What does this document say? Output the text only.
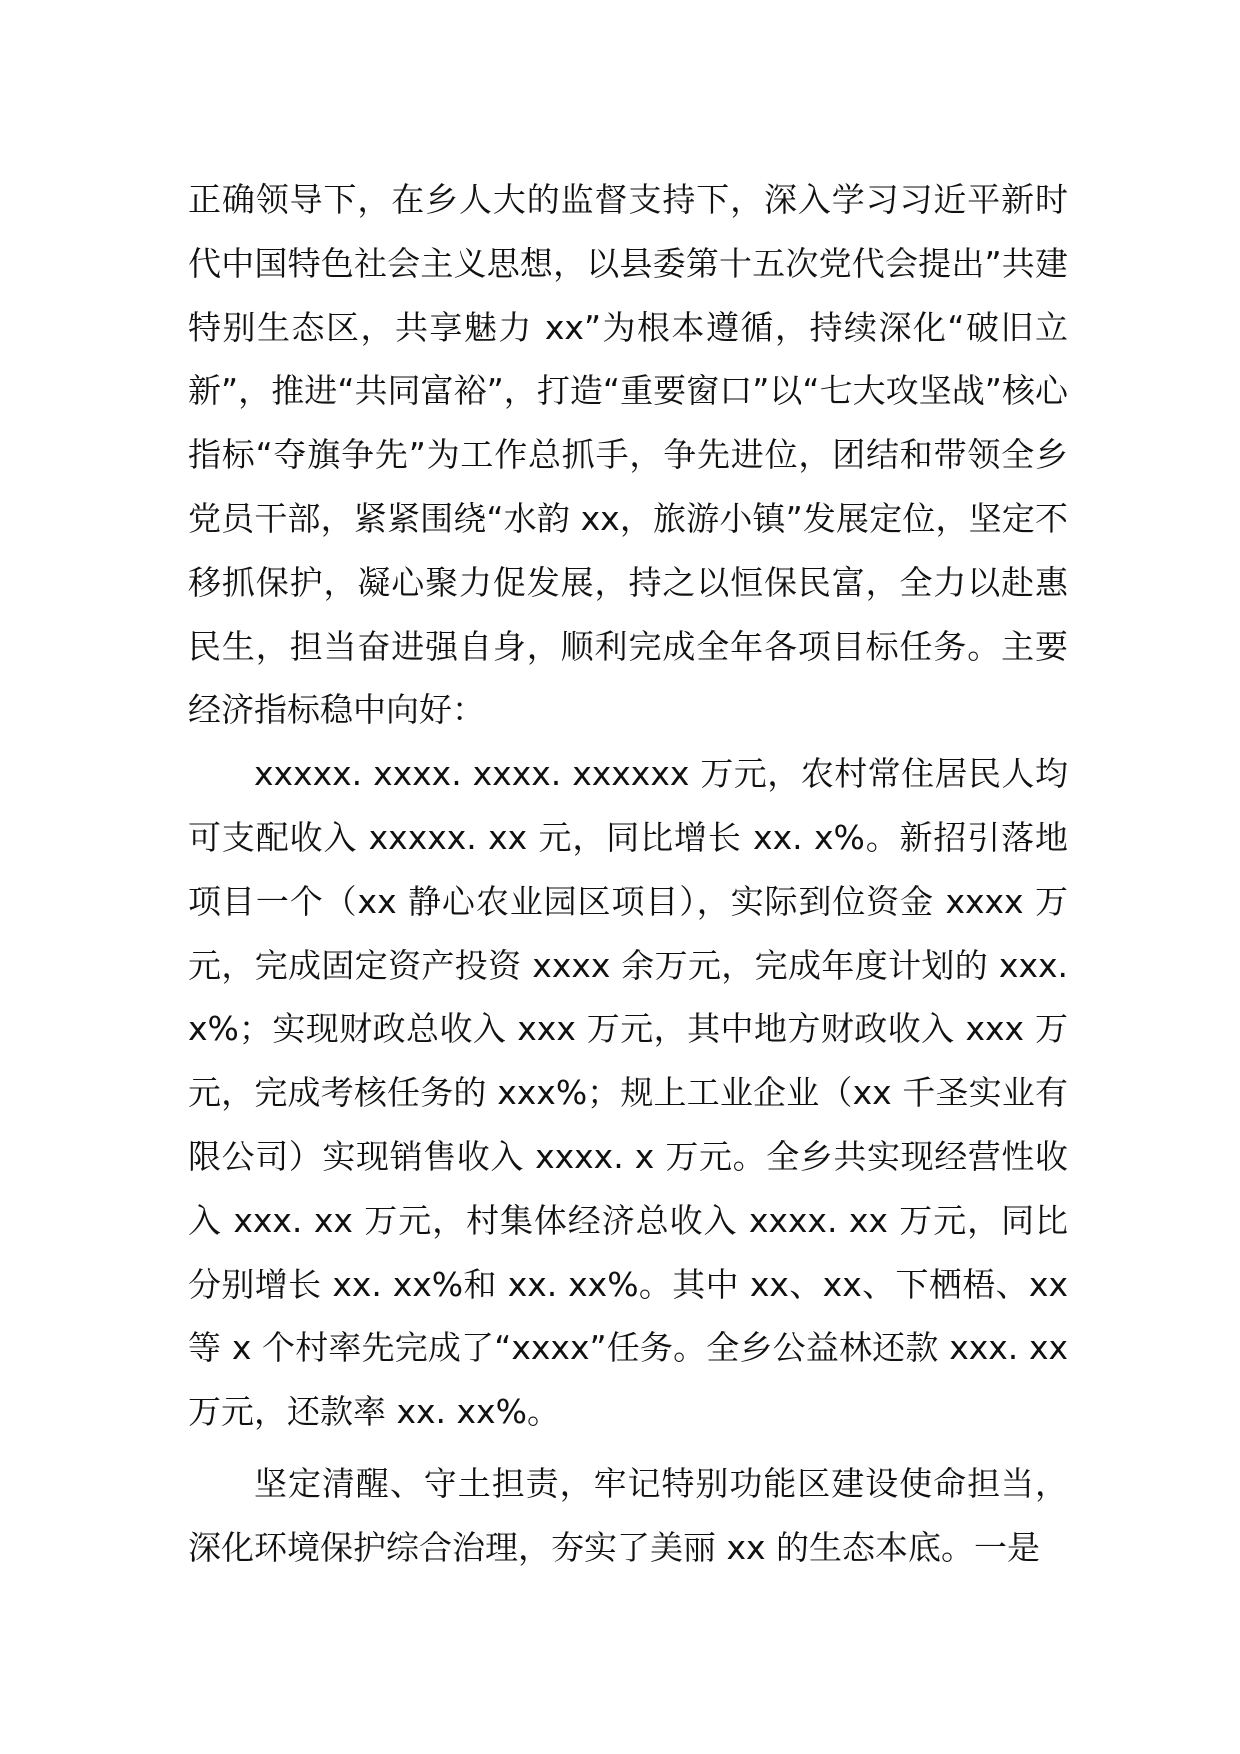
正确领导下，在乡人大的监督支持下，深入学习习近平新时代中国特色社会主义思想，以县委第十五次党代会提出”共建特别生态区，共享魅力 xx”为根本遵循，持续深化“破旧立新”，推进“共同富裕”，打造“重要窗口”以“七大攻坚战”核心指标“夺旗争先”为工作总抓手，争先进位，团结和带领全乡党员干部，紧紧围绕“水韵 xx，旅游小镇”发展定位，坚定不移抓保护，凝心聚力促发展，持之以恒保民富，全力以赴惠民生，担当奋进强自身，顺利完成全年各项目标任务。主要经济指标稳中向好：

xxxxx. xxxx. xxxx. xxxxxx 万元，农村常住居民人均可支配收入 xxxxx. xx 元，同比增长 xx. x%。新招引落地项目一个（xx 静心农业园区项目），实际到位资金 xxxx 万元，完成固定资产投资 xxxx 余万元，完成年度计划的 xxx. x%；实现财政总收入 xxx 万元，其中地方财政收入 xxx 万元，完成考核任务的 xxx%；规上工业企业（xx 千圣实业有限公司）实现销售收入 xxxx. x 万元。全乡共实现经营性收入 xxx. xx 万元，村集体经济总收入 xxxx. xx 万元，同比分别增长 xx. xx%和 xx. xx%。其中 xx、xx、下栖梧、xx 等 x 个村率先完成了“xxxx”任务。全乡公益林还款 xxx. xx 万元，还款率 xx. xx%。

坚定清醒、守土担责，牢记特别功能区建设使命担当，深化环境保护综合治理，夯实了美丽 xx 的生态本底。一是
